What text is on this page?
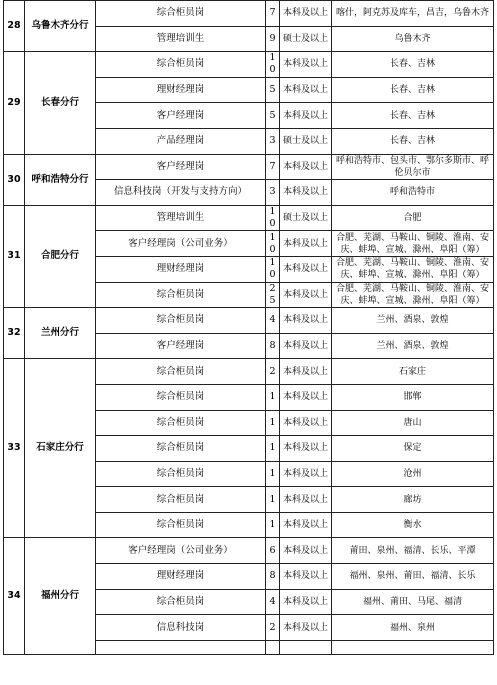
28	乌鲁木齐分行	综合柜员岗	7	本科及以上	喀什，阿克苏及库车，昌吉，乌鲁木齐
		管理培训生	9	硕士及以上	乌鲁木齐
29	长春分行	综合柜员岗	10	本科及以上	长春、吉林
		理财经理岗	5	本科及以上	长春、吉林
		客户经理岗	5	本科及以上	长春、吉林
		产品经理岗	3	硕士及以上	长春、吉林
30	呼和浩特分行	客户经理岗	7	本科及以上	呼和浩特市、包头市、鄂尔多斯市、呼伦贝尔市
		信息科技岗（开发与支持方向）	3	本科及以上	呼和浩特市
31	合肥分行	管理培训生	10	硕士及以上	合肥
		客户经理岗（公司业务）	10	本科及以上	合肥、芜湖、马鞍山、铜陵、淮南、安庆、蚌埠、宣城、滁州、阜阳（筹）
		理财经理岗	10	本科及以上	合肥、芜湖、马鞍山、铜陵、淮南、安庆、蚌埠、宣城、滁州、阜阳（筹）
		综合柜员岗	25	本科及以上	合肥、芜湖、马鞍山、铜陵、淮南、安庆、蚌埠、宣城、滁州、阜阳（筹）
32	兰州分行	综合柜员岗	4	本科及以上	兰州、酒泉、敦煌
		客户经理岗	8	本科及以上	兰州、酒泉、敦煌
33	石家庄分行	综合柜员岗	2	本科及以上	石家庄
		综合柜员岗	1	本科及以上	邯郸
		综合柜员岗	1	本科及以上	唐山
		综合柜员岗	1	本科及以上	保定
		综合柜员岗	1	本科及以上	沧州
		综合柜员岗	1	本科及以上	廊坊
		综合柜员岗	1	本科及以上	衡水
34	福州分行	客户经理岗（公司业务）	6	本科及以上	莆田、泉州、福清、长乐、平潭
		理财经理岗	8	本科及以上	福州、泉州、莆田、福清、长乐
		综合柜员岗	4	本科及以上	福州、莆田、马尾、福清
		信息科技岗	2	本科及以上	福州、泉州
